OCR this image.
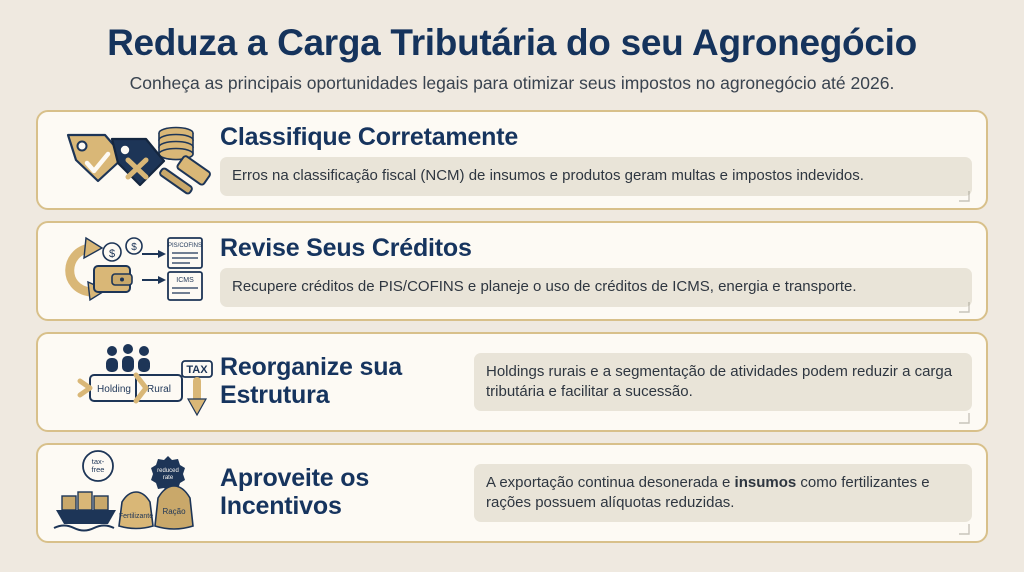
Reduza a Carga Tributária do seu Agronegócio

Conheça as principais oportunidades legais para otimizar seus impostos no agronegócio até 2026.

Classifique Corretamente
Erros na classificação fiscal (NCM) de insumos e produtos geram multas e impostos indevidos.
$
$	PIS/COFINS
ICMS
Revise Seus Créditos
Recupere créditos de PIS/COFINS e planeje o uso de créditos de ICMS, energia e transporte.
Holding Rural
TAX Reorganize sua Estrutura
Holdings rurais e a segmentação de atividades podem reduzir a carga tributária e facilitar a sucessão.
tax-
free	reduced
rate
Fertilizante
Ração
Aproveite os Incentivos
A exportação continua desonerada e insumos como fertilizantes e rações possuem alíquotas reduzidas.
